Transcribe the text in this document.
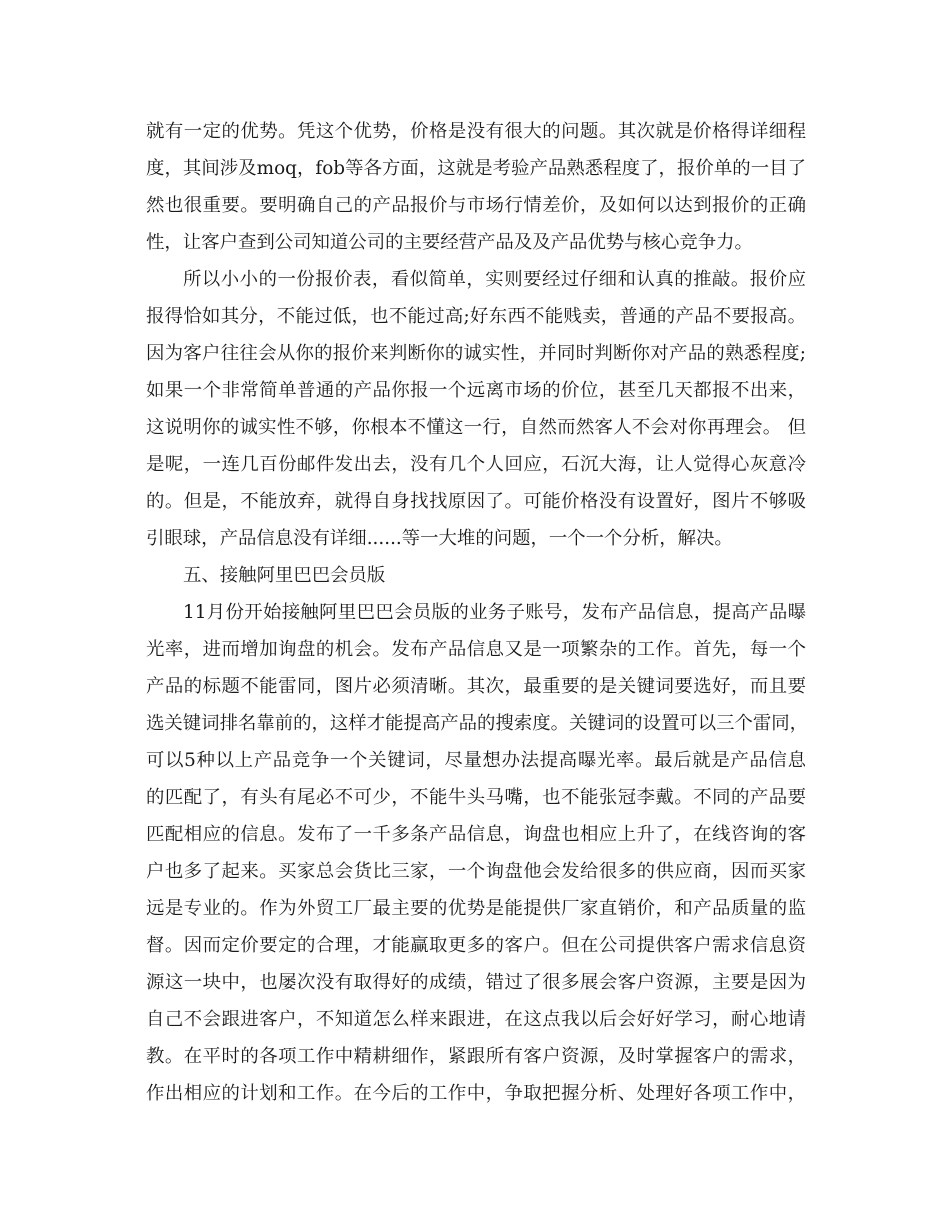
就有一定的优势。凭这个优势，价格是没有很大的问题。其次就是价格得详细程
度，其间涉及moq，fob等各方面，这就是考验产品熟悉程度了，报价单的一目了
然也很重要。要明确自己的产品报价与市场行情差价，及如何以达到报价的正确
性，让客户查到公司知道公司的主要经营产品及及产品优势与核心竞争力。
所以小小的一份报价表，看似简单，实则要经过仔细和认真的推敲。报价应
报得恰如其分，不能过低，也不能过高;好东西不能贱卖，普通的产品不要报高。
因为客户往往会从你的报价来判断你的诚实性，并同时判断你对产品的熟悉程度;
如果一个非常简单普通的产品你报一个远离市场的价位，甚至几天都报不出来，
这说明你的诚实性不够，你根本不懂这一行，自然而然客人不会对你再理会。 但
是呢，一连几百份邮件发出去，没有几个人回应，石沉大海，让人觉得心灰意冷
的。但是，不能放弃，就得自身找找原因了。可能价格没有设置好，图片不够吸
引眼球，产品信息没有详细......等一大堆的问题，一个一个分析，解决。
五、接触阿里巴巴会员版
11月份开始接触阿里巴巴会员版的业务子账号，发布产品信息，提高产品曝
光率，进而增加询盘的机会。发布产品信息又是一项繁杂的工作。首先，每一个
产品的标题不能雷同，图片必须清晰。其次，最重要的是关键词要选好，而且要
选关键词排名靠前的，这样才能提高产品的搜索度。关键词的设置可以三个雷同，
可以5种以上产品竞争一个关键词，尽量想办法提高曝光率。最后就是产品信息
的匹配了，有头有尾必不可少，不能牛头马嘴，也不能张冠李戴。不同的产品要
匹配相应的信息。发布了一千多条产品信息，询盘也相应上升了，在线咨询的客
户也多了起来。买家总会货比三家，一个询盘他会发给很多的供应商，因而买家
远是专业的。作为外贸工厂最主要的优势是能提供厂家直销价，和产品质量的监
督。因而定价要定的合理，才能赢取更多的客户。但在公司提供客户需求信息资
源这一块中，也屡次没有取得好的成绩，错过了很多展会客户资源，主要是因为
自己不会跟进客户，不知道怎么样来跟进，在这点我以后会好好学习，耐心地请
教。在平时的各项工作中精耕细作，紧跟所有客户资源，及时掌握客户的需求，
作出相应的计划和工作。在今后的工作中，争取把握分析、处理好各项工作中，
